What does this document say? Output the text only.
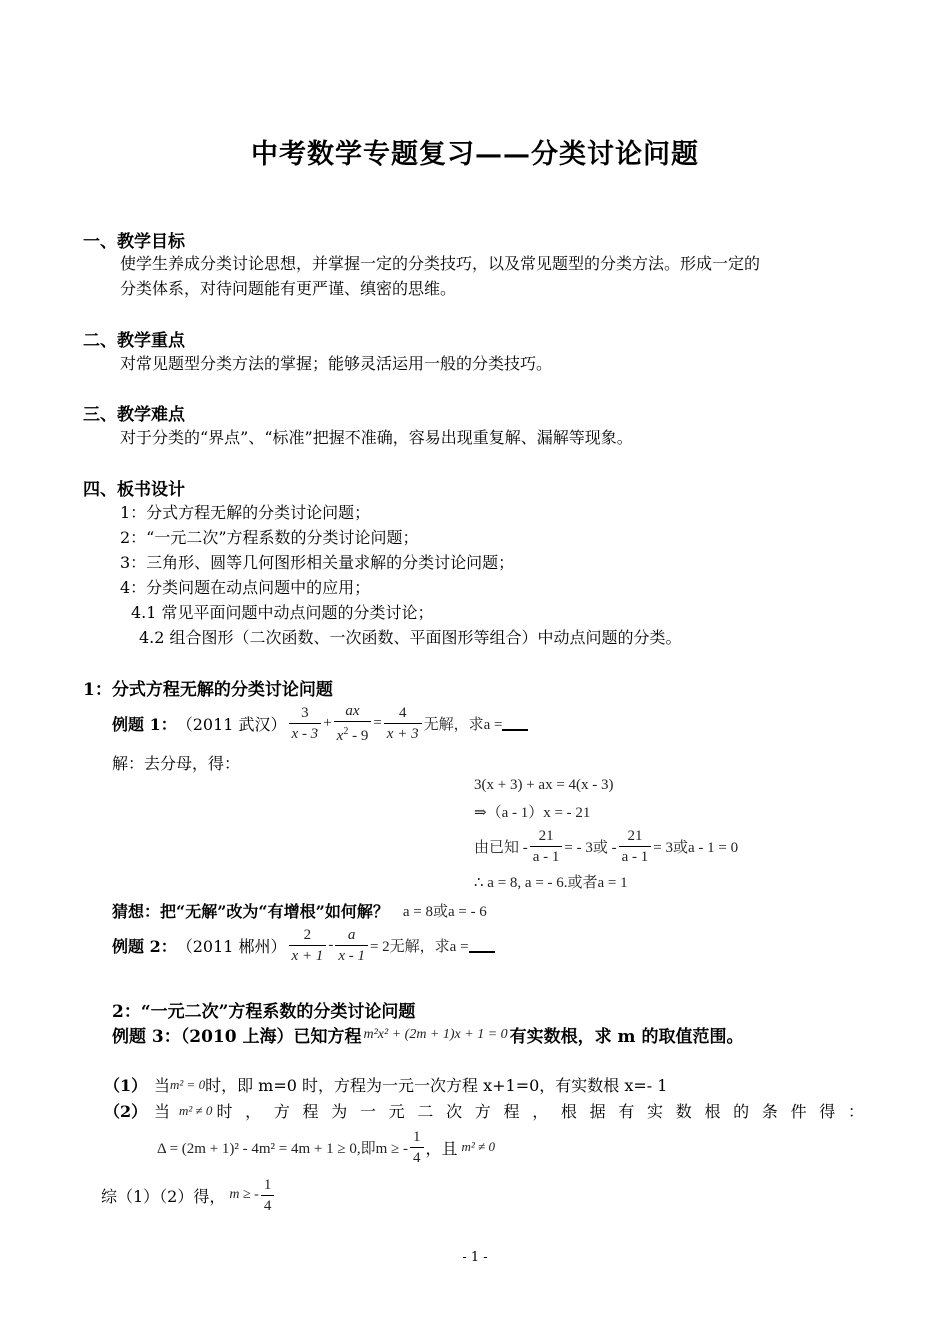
中考数学专题复习——分类讨论问题
一、教学目标
使学生养成分类讨论思想，并掌握一定的分类技巧，以及常见题型的分类方法。形成一定的
分类体系，对待问题能有更严谨、缜密的思维。
二、教学重点
对常见题型分类方法的掌握；能够灵活运用一般的分类技巧。
三、教学难点
对于分类的“界点”、“标准”把握不准确，容易出现重复解、漏解等现象。
四、板书设计
1：分式方程无解的分类讨论问题；
2：“一元二次”方程系数的分类讨论问题；
3：三角形、圆等几何图形相关量求解的分类讨论问题；
4：分类问题在动点问题中的应用；
4.1 常见平面问题中动点问题的分类讨论；
4.2 组合图形（二次函数、一次函数、平面图形等组合）中动点问题的分类。
1：分式方程无解的分类讨论问题
例题 1： （2011 武汉） $\frac{3}{x - 3} + \frac{ax}{x^2 - 9} = \frac{4}{x + 3}$ 无解，求a =
解：去分母，得：
3(x + 3) + ax = 4(x - 3)
⇒（a - 1）x = - 21
由已知 - $\frac{21}{a - 1}$ = - 3或 - $\frac{21}{a - 1} = 3$或a - 1 = 0
∴ a = 8, a = - 6.或者a = 1
猜想：把“无解”改为“有增根”如何解？ a = 8或a = - 6
例题 2： （2011 郴州） $\frac{2}{x + 1} - \frac{a}{x - 1} = 2$无解，求a =
2：“一元二次”方程系数的分类讨论问题
例题 3：（2010 上海）已知方程 m²x² + (2m + 1)x + 1 = 0 有实数根，求 m 的取值范围。
（1） 当 m² = 0 时，即 m=0 时，方程为一元一次方程 x+1=0，有实数根 x=- 1
（2） 当 m² ≠ 0 时，方程为一元二次方程，根据有实数根的条件得：
Δ = (2m + 1)² - 4m² = 4m + 1 ≥ 0,即m ≥ - $\frac{1}{4}$ ，且 m² ≠ 0
综（1）（2）得， m ≥ - $\frac{1}{4}$
- 1 -
